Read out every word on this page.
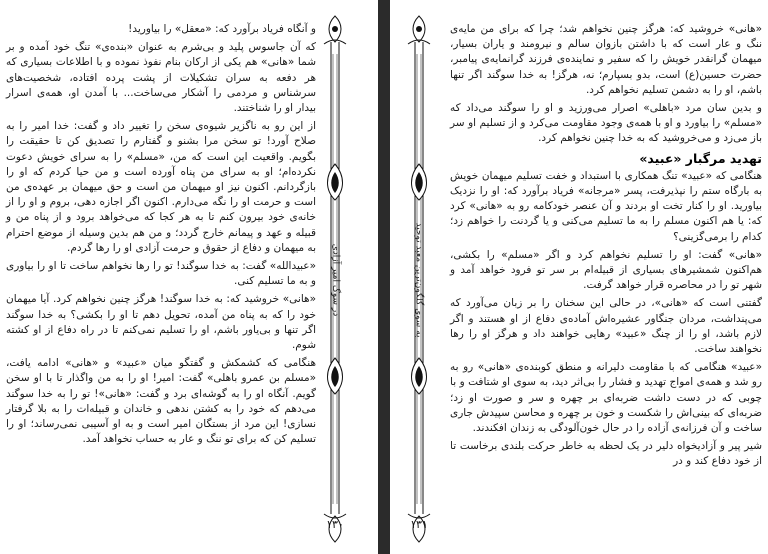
و آنگاه فریاد برآورد که: «معقل» را بیاورید!

که آن جاسوس پلید و بی‌شرم به عنوان «بنده‌ی» تنگ خود آمده و بر شما «هانی» هم یکی از ارکان بنام نفوذ نموده و با اطلاعات بسیاری که هر دفعه به سران تشکیلات از پشت پرده افتاده، شخصیت‌های سرشناس و مردمی را آشکار می‌ساخت... با آمدن او، همه‌ی اسرار بیدار او را شناختند.

از این رو به ناگزیر شیوه‌ی سخن را تغییر داد و گفت: خدا امیر را به صلاح آورد! تو سخن مرا بشنو و گفتارم را تصدیق کن تا حقیقت را بگویم. واقعیت این است که من، «مسلم» را به سرای خویش دعوت نکرده‌ام؛ او به سرای من پناه آورده است و من حیا کردم که او را بازگردانم. اکنون نیز او میهمان من است و حق میهمان بر عهده‌ی من است و حرمت او را نگه می‌دارم. اکنون اگر اجازه دهی، بروم و او را از خانه‌ی خود بیرون کنم تا به هر کجا که می‌خواهد برود و از پناه من و قبیله و عهد و پیمانم خارج گردد؛ و من هم بدین وسیله از موضع احترام به میهمان و دفاع از حقوق و حرمت آزادی او را رها گردم.

«عبیدالله» گفت: به خدا سوگند! تو را رها نخواهم ساخت تا او را بیاوری و به ما تسلیم کنی.

«هانی» خروشید که: به خدا سوگند! هرگز چنین نخواهم کرد. آیا میهمان خود را که به پناه من آمده، تحویل دهم تا او را بکشی؟ به خدا سوگند اگر تنها و بی‌یاور باشم، او را تسلیم نمی‌کنم تا در راه دفاع از او کشته شوم.

هنگامی که کشمکش و گفتگو میان «عبید» و «هانی» ادامه یافت، «مسلم بن عمرو باهلی» گفت: امیر! او را به من واگذار تا با او سخن گویم. آنگاه او را به گوشه‌ای برد و گفت: «هانی»! تو را به خدا سوگند می‌دهم که خود را به کشتن ندهی و خاندان و قبیله‌ات را به بلا گرفتار نسازی! این مرد از بستگان امیر است و به او آسیبی نمی‌رساند؛ او را تسلیم کن که برای تو ننگ و عار به حساب نخواهد آمد.

در سوگ امیر آزادی
۱۳۰
به سوی گلگون‌ترین معبد توحید

«هانی» خروشید که: هرگز چنین نخواهم شد؛ چرا که برای من مایه‌ی ننگ و عار است که با داشتن بازوان سالم و نیرومند و یاران بسیار، میهمان گرانقدر خویش را که سفیر و نماینده‌ی فرزند گرانمایه‌ی پیامبر، حضرت حسین(ع) است، بدو بسپارم؛ نه، هرگز! به خدا سوگند اگر تنها باشم، او را به دشمن تسلیم نخواهم کرد.

و بدین سان مرد «باهلی» اصرار می‌ورزید و او را سوگند می‌داد که «مسلم» را بیاورد و او با همه‌ی وجود مقاومت می‌کرد و از تسلیم او سر باز می‌زد و می‌خروشید که به خدا چنین نخواهم کرد.

تهدید مرگبار «عبید»

هنگامی که «عبید» تنگ همکاری با استبداد و خفت تسلیم میهمان خویش به بارگاه ستم را نپذیرفت، پسر «مرجانه» فریاد برآورد که: او را نزدیک بیاورید. او را کنار تخت او بردند و آن عنصر خودکامه رو به «هانی» کرد که: یا هم اکنون مسلم را به ما تسلیم می‌کنی و یا گردنت را خواهم زد؛ کدام را برمی‌گزینی؟

«هانی» گفت: او را تسلیم نخواهم کرد و اگر «مسلم» را بکشی، هم‌اکنون شمشیرهای بسیاری از قبیله‌ام بر سر تو فرود خواهد آمد و شهر تو را در محاصره قرار خواهد گرفت.

گفتنی است که «هانی»، در حالی این سخنان را بر زبان می‌آورد که می‌پنداشت، مردان جنگاور عشیره‌اش آماده‌ی دفاع از او هستند و اگر لازم باشد، او را از چنگ «عبید» رهایی خواهند داد و هرگز او را رها نخواهند ساخت.

«عبید» هنگامی که با مقاومت دلیرانه و منطق کوبنده‌ی «هانی» رو به رو شد و همه‌ی امواج تهدید و فشار را بی‌اثر دید، به سوی او شتافت و با چوبی که در دست داشت ضربه‌ای بر چهره و سر و صورت او زد؛ ضربه‌ای که بینی‌اش را شکست و خون بر چهره و محاسن سپیدش جاری ساخت و آن فرزانه‌ی آزاده را در حال خون‌آلودگی به زندان افکندند.

شیر پیر و آزادیخواه دلیر در یک لحظه به خاطر حرکت بلندی برخاست تا از خود دفاع کند و در

۱۳۱
